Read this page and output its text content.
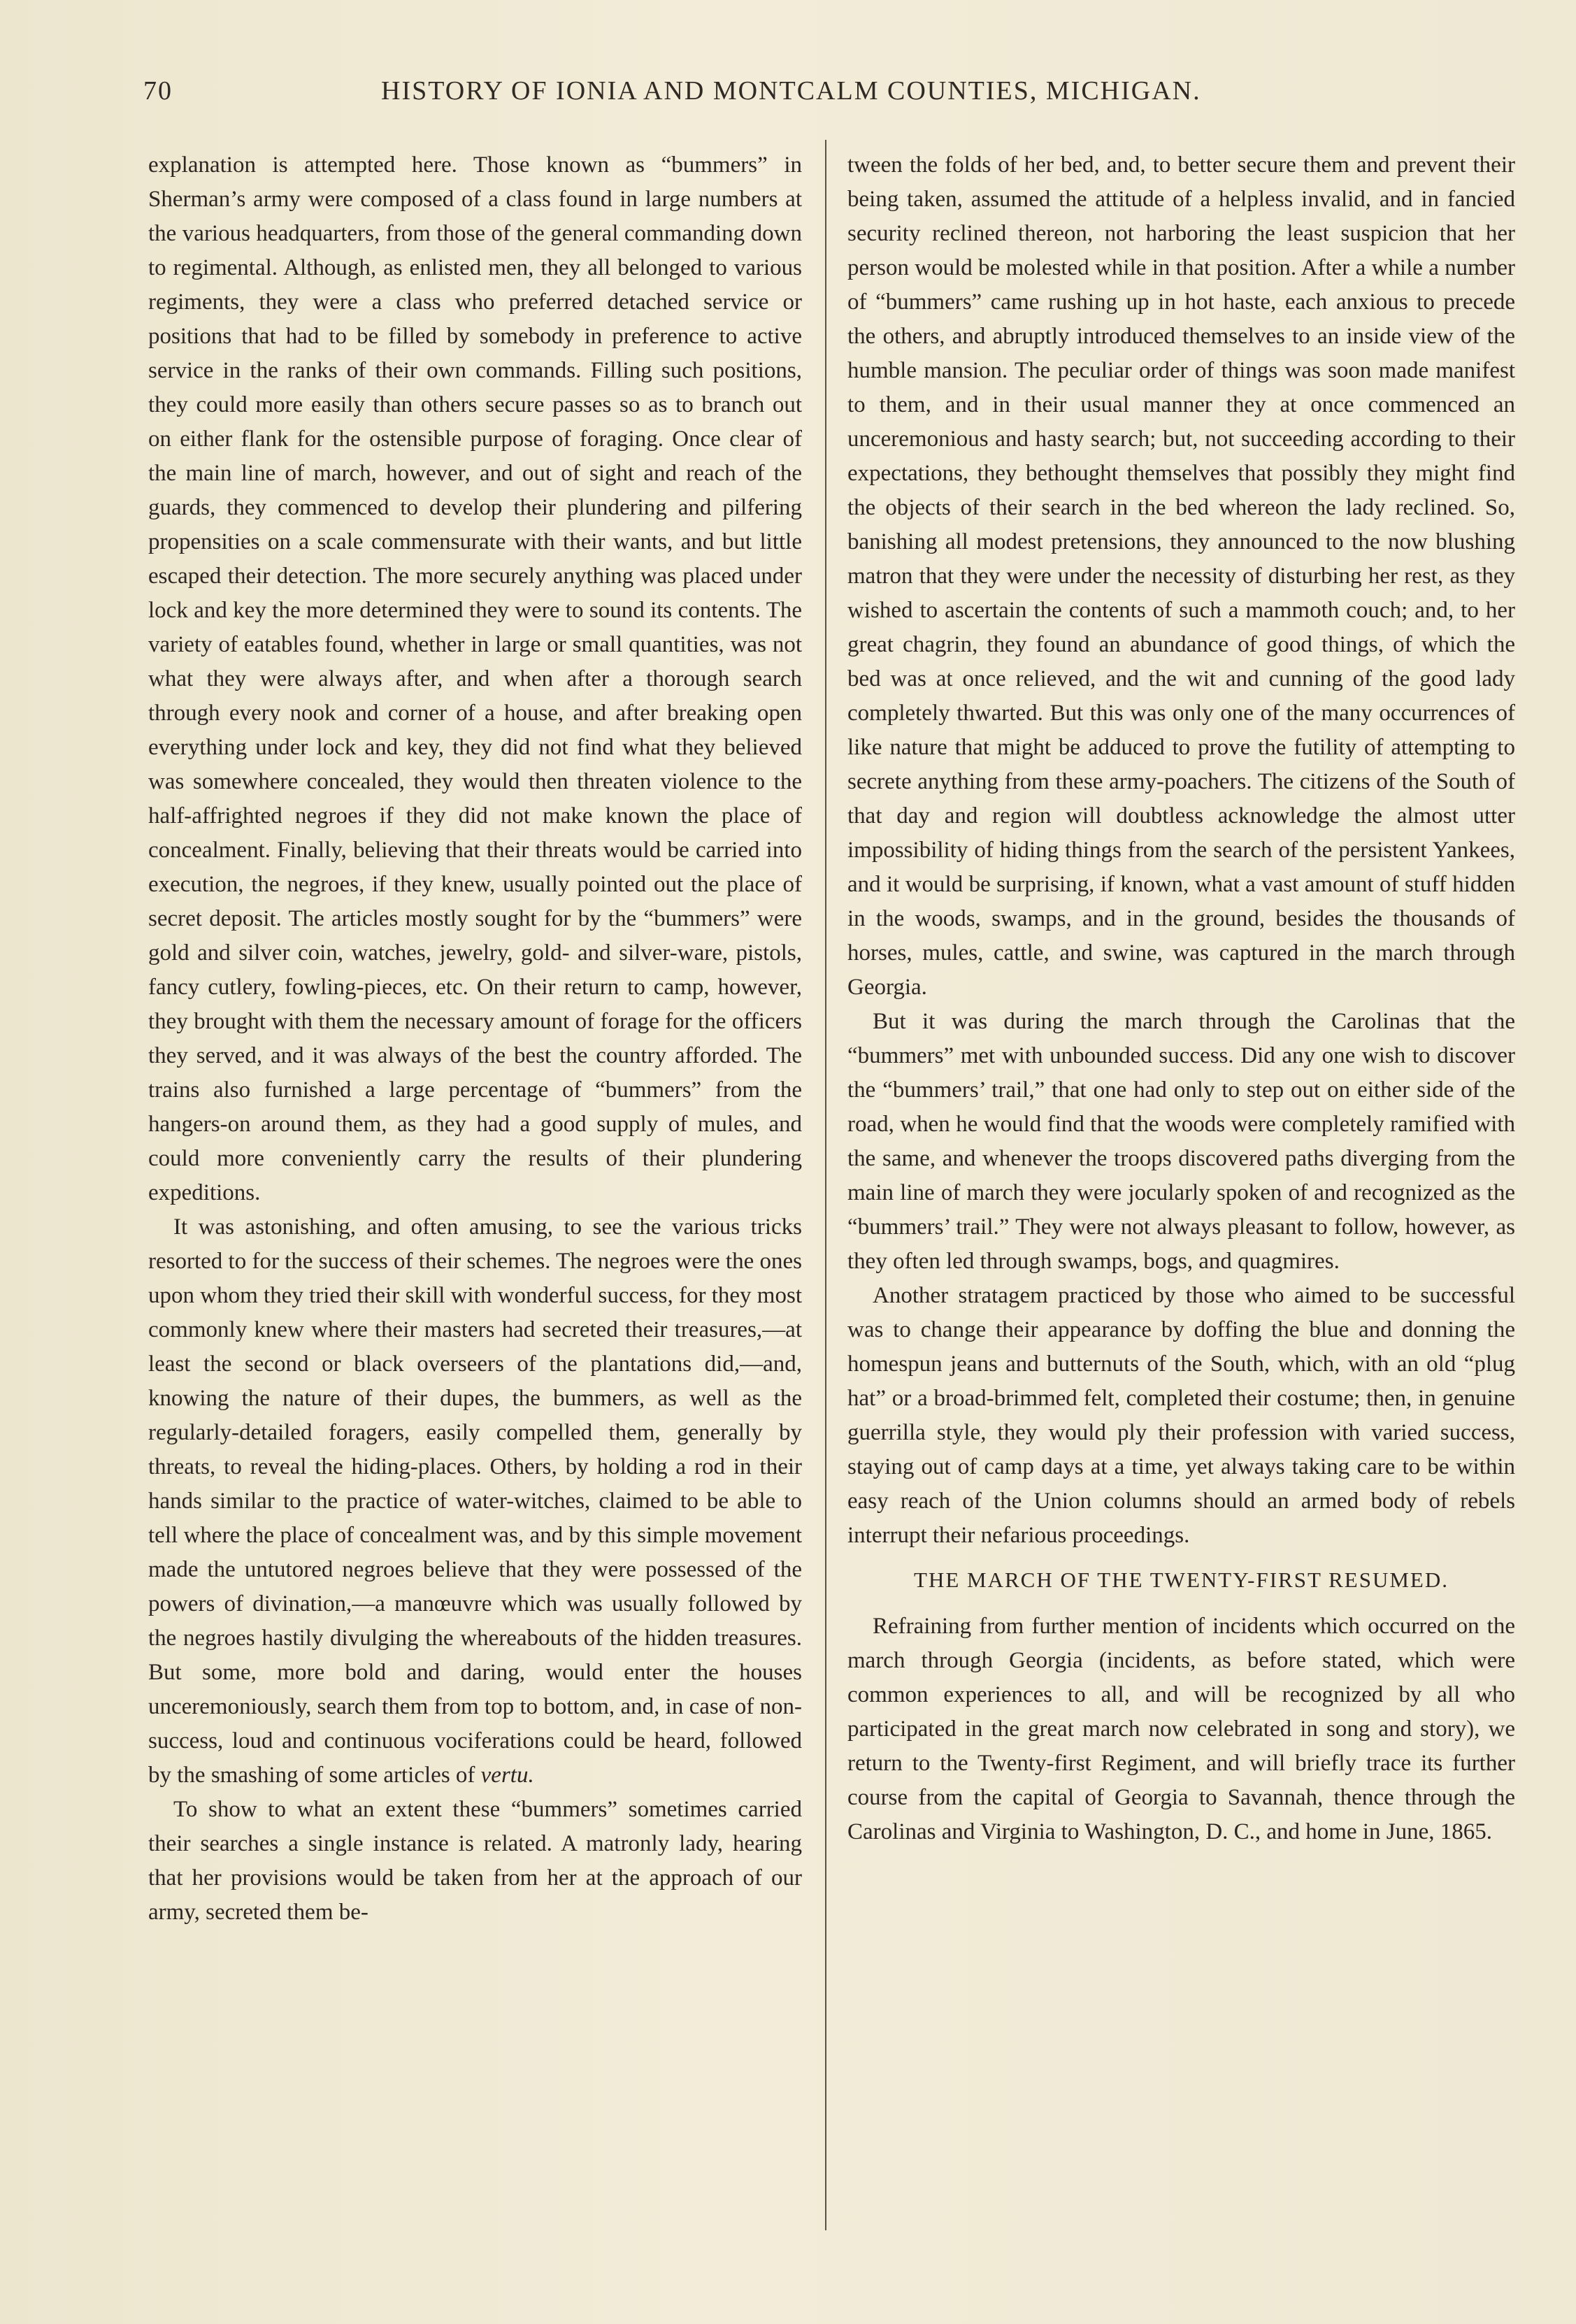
70	HISTORY OF IONIA AND MONTCALM COUNTIES, MICHIGAN.

explanation is attempted here. Those known as “bummers” in Sherman’s army were composed of a class found in large numbers at the various headquarters, from those of the general commanding down to regimental. Although, as enlisted men, they all belonged to various regiments, they were a class who preferred detached service or positions that had to be filled by somebody in preference to active service in the ranks of their own commands. Filling such positions, they could more easily than others secure passes so as to branch out on either flank for the ostensible purpose of foraging. Once clear of the main line of march, however, and out of sight and reach of the guards, they commenced to develop their plundering and pilfering propensities on a scale commensurate with their wants, and but little escaped their detection. The more securely anything was placed under lock and key the more determined they were to sound its contents. The variety of eatables found, whether in large or small quantities, was not what they were always after, and when after a thorough search through every nook and corner of a house, and after breaking open everything under lock and key, they did not find what they believed was somewhere concealed, they would then threaten violence to the half-affrighted negroes if they did not make known the place of concealment. Finally, believing that their threats would be carried into execution, the negroes, if they knew, usually pointed out the place of secret deposit. The articles mostly sought for by the “bummers” were gold and silver coin, watches, jewelry, gold- and silver-ware, pistols, fancy cutlery, fowling-pieces, etc. On their return to camp, however, they brought with them the necessary amount of forage for the officers they served, and it was always of the best the country afforded. The trains also furnished a large percentage of “bummers” from the hangers-on around them, as they had a good supply of mules, and could more conveniently carry the results of their plundering expeditions.

It was astonishing, and often amusing, to see the various tricks resorted to for the success of their schemes. The negroes were the ones upon whom they tried their skill with wonderful success, for they most commonly knew where their masters had secreted their treasures,—at least the second or black overseers of the plantations did,—and, knowing the nature of their dupes, the bummers, as well as the regularly-detailed foragers, easily compelled them, generally by threats, to reveal the hiding-places. Others, by holding a rod in their hands similar to the practice of water-witches, claimed to be able to tell where the place of concealment was, and by this simple movement made the untutored negroes believe that they were possessed of the powers of divination,—a manœuvre which was usually followed by the negroes hastily divulging the whereabouts of the hidden treasures. But some, more bold and daring, would enter the houses unceremoniously, search them from top to bottom, and, in case of non-success, loud and continuous vociferations could be heard, followed by the smashing of some articles of vertu.

To show to what an extent these “bummers” sometimes carried their searches a single instance is related. A matronly lady, hearing that her provisions would be taken from her at the approach of our army, secreted them be-

tween the folds of her bed, and, to better secure them and prevent their being taken, assumed the attitude of a helpless invalid, and in fancied security reclined thereon, not harboring the least suspicion that her person would be molested while in that position. After a while a number of “bummers” came rushing up in hot haste, each anxious to precede the others, and abruptly introduced themselves to an inside view of the humble mansion. The peculiar order of things was soon made manifest to them, and in their usual manner they at once commenced an unceremonious and hasty search; but, not succeeding according to their expectations, they bethought themselves that possibly they might find the objects of their search in the bed whereon the lady reclined. So, banishing all modest pretensions, they announced to the now blushing matron that they were under the necessity of disturbing her rest, as they wished to ascertain the contents of such a mammoth couch; and, to her great chagrin, they found an abundance of good things, of which the bed was at once relieved, and the wit and cunning of the good lady completely thwarted. But this was only one of the many occurrences of like nature that might be adduced to prove the futility of attempting to secrete anything from these army-poachers. The citizens of the South of that day and region will doubtless acknowledge the almost utter impossibility of hiding things from the search of the persistent Yankees, and it would be surprising, if known, what a vast amount of stuff hidden in the woods, swamps, and in the ground, besides the thousands of horses, mules, cattle, and swine, was captured in the march through Georgia.

But it was during the march through the Carolinas that the “bummers” met with unbounded success. Did any one wish to discover the “bummers’ trail,” that one had only to step out on either side of the road, when he would find that the woods were completely ramified with the same, and whenever the troops discovered paths diverging from the main line of march they were jocularly spoken of and recognized as the “bummers’ trail.” They were not always pleasant to follow, however, as they often led through swamps, bogs, and quagmires.

Another stratagem practiced by those who aimed to be successful was to change their appearance by doffing the blue and donning the homespun jeans and butternuts of the South, which, with an old “plug hat” or a broad-brimmed felt, completed their costume; then, in genuine guerrilla style, they would ply their profession with varied success, staying out of camp days at a time, yet always taking care to be within easy reach of the Union columns should an armed body of rebels interrupt their nefarious proceedings.

THE MARCH OF THE TWENTY-FIRST RESUMED.

Refraining from further mention of incidents which occurred on the march through Georgia (incidents, as before stated, which were common experiences to all, and will be recognized by all who participated in the great march now celebrated in song and story), we return to the Twenty-first Regiment, and will briefly trace its further course from the capital of Georgia to Savannah, thence through the Carolinas and Virginia to Washington, D. C., and home in June, 1865.
